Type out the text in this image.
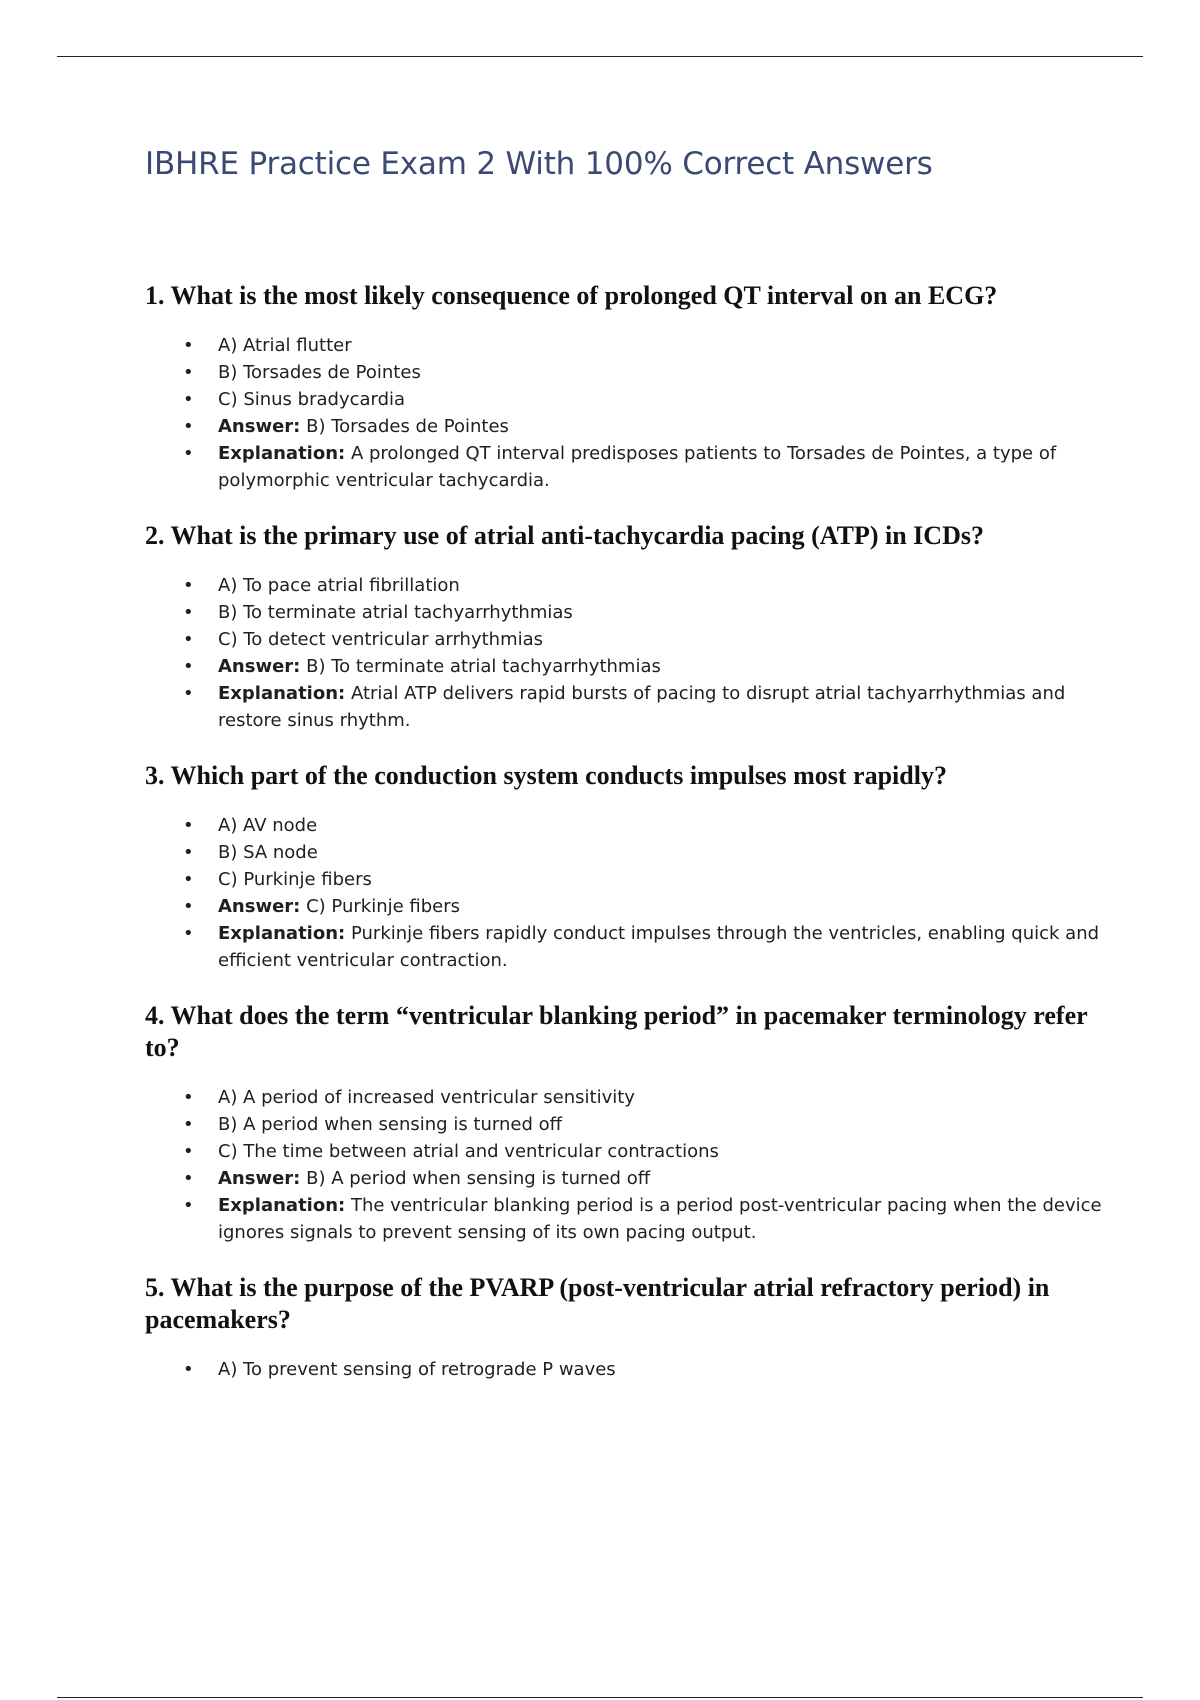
IBHRE Practice Exam 2 With 100% Correct Answers
1. What is the most likely consequence of prolonged QT interval on an ECG?
• A) Atrial flutter
• B) Torsades de Pointes
• C) Sinus bradycardia
• Answer: B) Torsades de Pointes
• Explanation: A prolonged QT interval predisposes patients to Torsades de Pointes, a type of polymorphic ventricular tachycardia.
2. What is the primary use of atrial anti-tachycardia pacing (ATP) in ICDs?
• A) To pace atrial fibrillation
• B) To terminate atrial tachyarrhythmias
• C) To detect ventricular arrhythmias
• Answer: B) To terminate atrial tachyarrhythmias
• Explanation: Atrial ATP delivers rapid bursts of pacing to disrupt atrial tachyarrhythmias and restore sinus rhythm.
3. Which part of the conduction system conducts impulses most rapidly?
• A) AV node
• B) SA node
• C) Purkinje fibers
• Answer: C) Purkinje fibers
• Explanation: Purkinje fibers rapidly conduct impulses through the ventricles, enabling quick and efficient ventricular contraction.
4. What does the term “ventricular blanking period” in pacemaker terminology refer to?
• A) A period of increased ventricular sensitivity
• B) A period when sensing is turned off
• C) The time between atrial and ventricular contractions
• Answer: B) A period when sensing is turned off
• Explanation: The ventricular blanking period is a period post-ventricular pacing when the device ignores signals to prevent sensing of its own pacing output.
5. What is the purpose of the PVARP (post-ventricular atrial refractory period) in pacemakers?
• A) To prevent sensing of retrograde P waves
